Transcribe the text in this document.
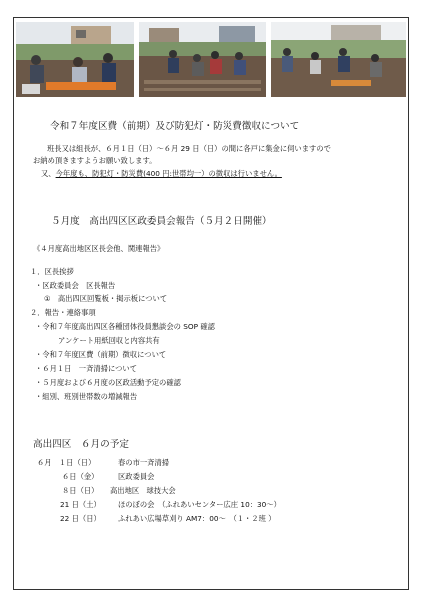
令和７年度区費（前期）及び防犯灯・防災費徴収について
班長又は組長が、６月１日（日）～６月 29 日（日）の間に各戸に集金に伺いますので
お納め頂きますようお願い致します。
又、今年度も、防犯灯・防災費(400 円:世帯均一）の徴収は行いません。
５月度　高出四区区政委員会報告（５月２日開催）
《４月度高出地区区長会他、関連報告》
１．区長挨拶
・区政委員会　区長報告
①　高出四区回覧板・掲示板について
２．報告・連絡事項
・令和７年度高出四区各種団体役員懇談会の SOP 確認
アンケート用紙回収と内容共有
・令和７年度区費（前期）徴収について
・６月１日　一斉清掃について
・５月度および６月度の区政活動予定の確認
・組別、班別世帯数の増減報告
高出四区　６月の予定
６月　１日（日）	春の市一斉清掃
６日（金）	区政委員会
８日（日） 高出地区　球技大会
21 日（土） ほのぼの会　（ふれあいセンター広庄 10：30～）
22 日（日） ふれあい広場草刈り AM7：00～　（１・２班 ）
